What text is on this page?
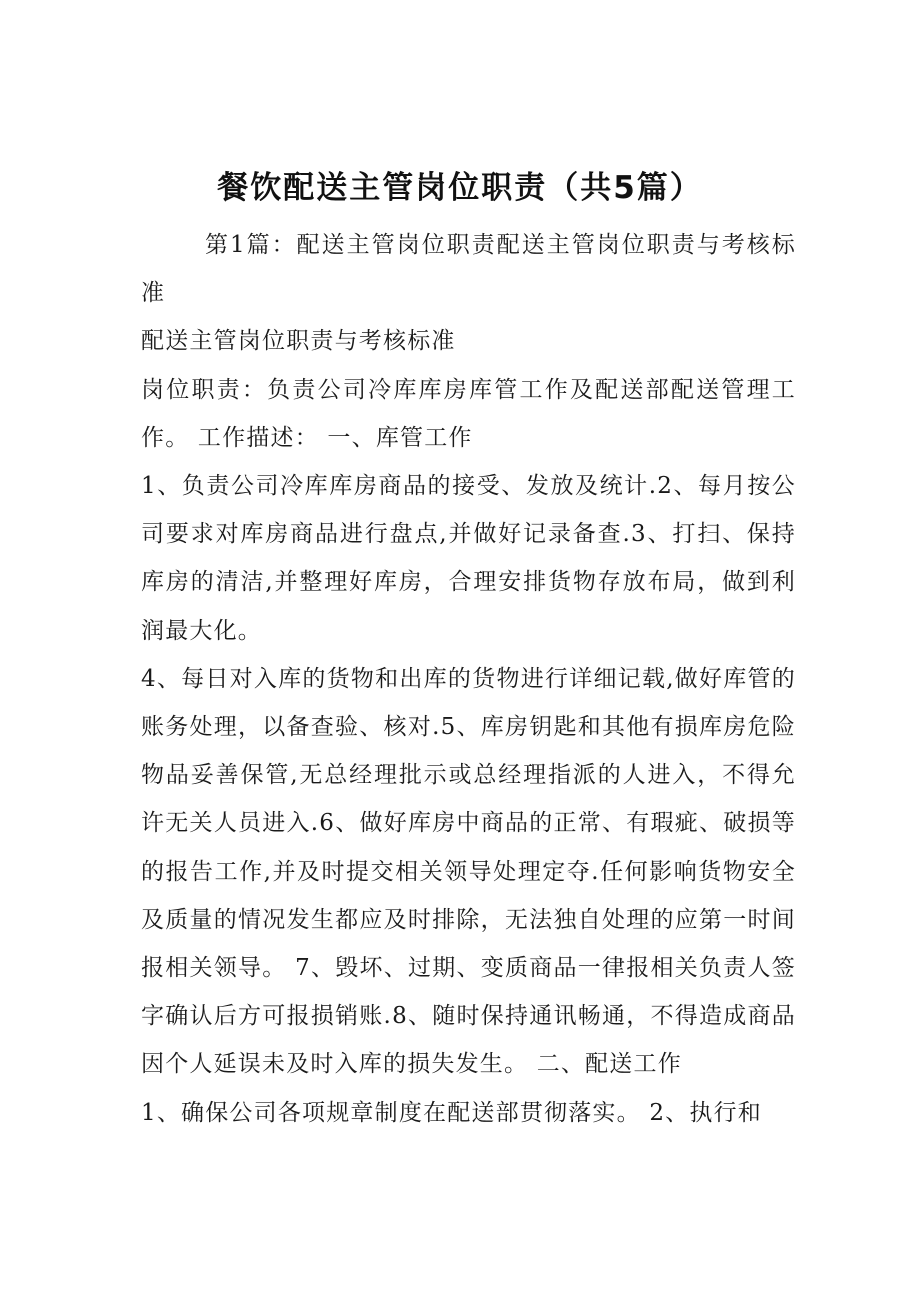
餐饮配送主管岗位职责（共5篇）

第1篇：配送主管岗位职责配送主管岗位职责与考核标准

配送主管岗位职责与考核标准

岗位职责：负责公司冷库库房库管工作及配送部配送管理工作。 工作描述： 一、库管工作

1、负责公司冷库库房商品的接受、发放及统计.2、每月按公司要求对库房商品进行盘点,并做好记录备查.3、打扫、保持库房的清洁,并整理好库房，合理安排货物存放布局，做到利润最大化。

4、每日对入库的货物和出库的货物进行详细记载,做好库管的账务处理，以备查验、核对.5、库房钥匙和其他有损库房危险物品妥善保管,无总经理批示或总经理指派的人进入，不得允许无关人员进入.6、做好库房中商品的正常、有瑕疵、破损等的报告工作,并及时提交相关领导处理定夺.任何影响货物安全及质量的情况发生都应及时排除，无法独自处理的应第一时间报相关领导。 7、毁坏、过期、变质商品一律报相关负责人签字确认后方可报损销账.8、随时保持通讯畅通，不得造成商品因个人延误未及时入库的损失发生。 二、配送工作

1、确保公司各项规章制度在配送部贯彻落实。 2、执行和
